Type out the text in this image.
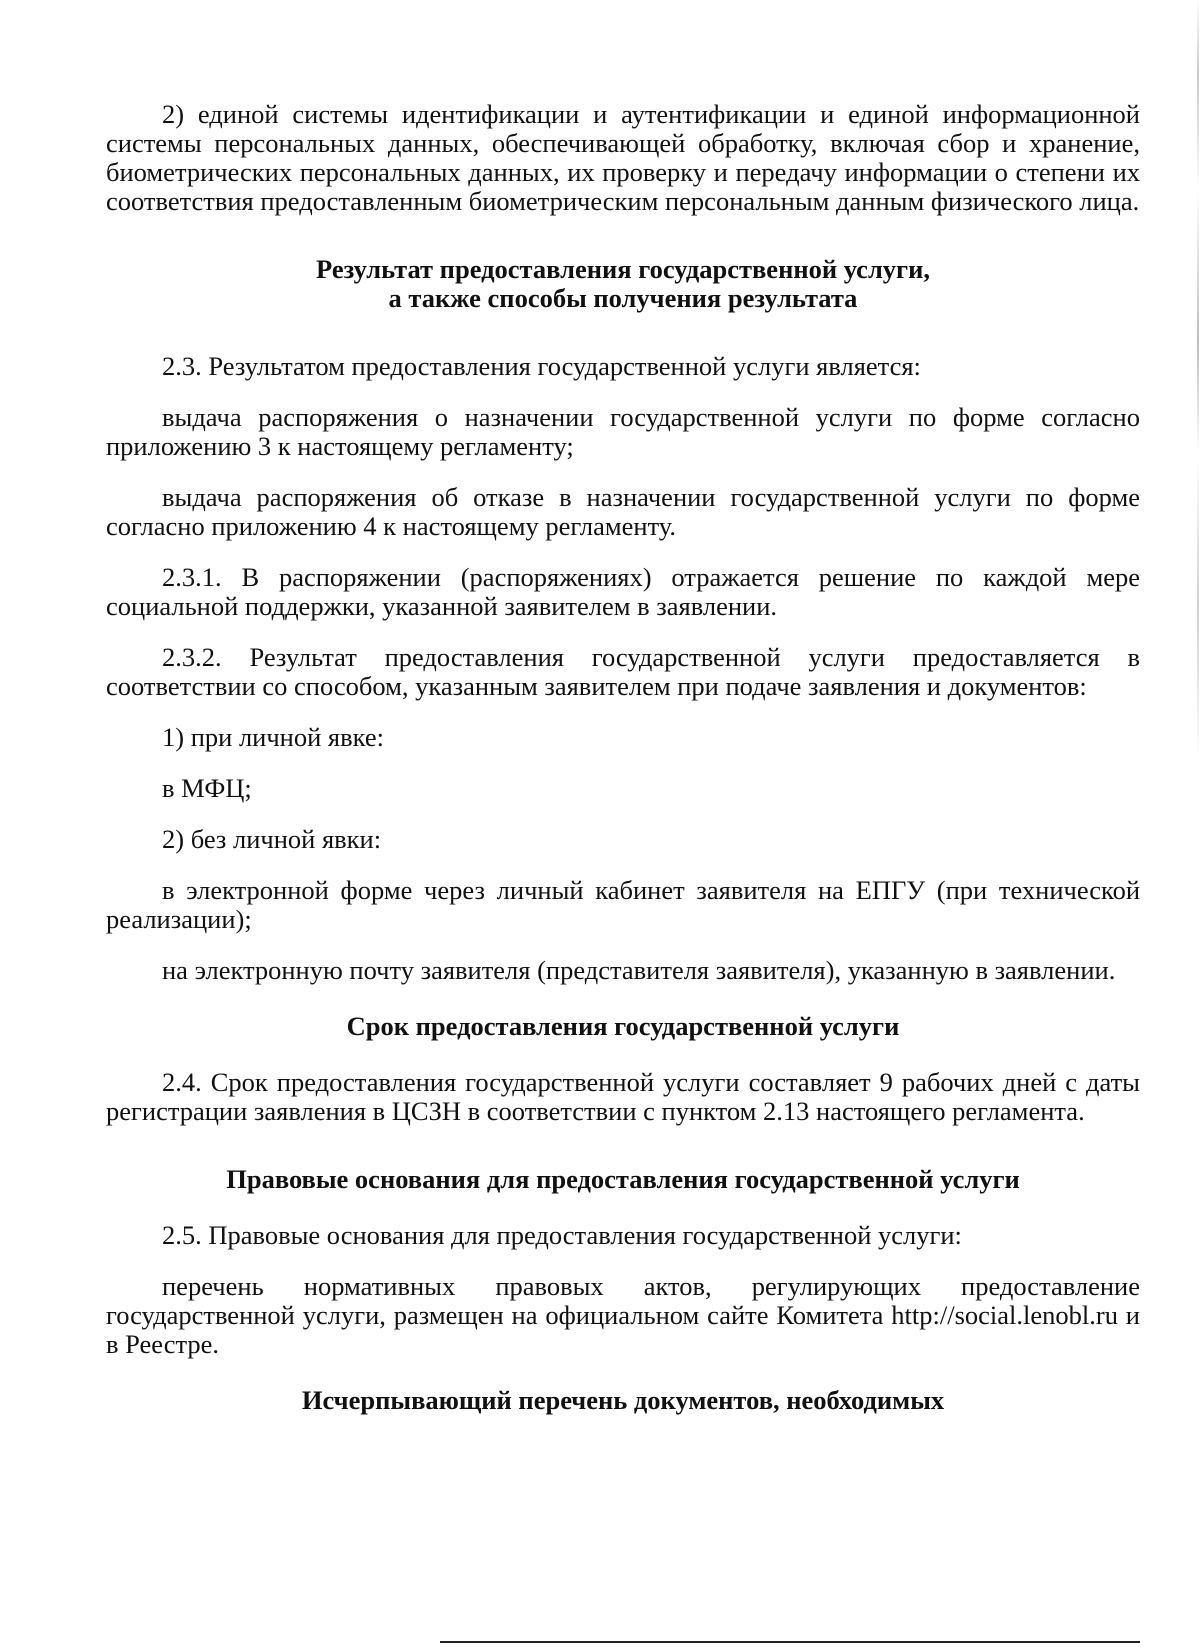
2) единой системы идентификации и аутентификации и единой информационной системы персональных данных, обеспечивающей обработку, включая сбор и хранение, биометрических персональных данных, их проверку и передачу информации о степени их соответствия предоставленным биометрическим персональным данным физического лица.

Результат предоставления государственной услуги,
а также способы получения результата

2.3. Результатом предоставления государственной услуги является:

выдача распоряжения о назначении государственной услуги по форме согласно приложению 3 к настоящему регламенту;

выдача распоряжения об отказе в назначении государственной услуги по форме согласно приложению 4 к настоящему регламенту.

2.3.1. В распоряжении (распоряжениях) отражается решение по каждой мере социальной поддержки, указанной заявителем в заявлении.

2.3.2. Результат предоставления государственной услуги предоставляется в соответствии со способом, указанным заявителем при подаче заявления и документов:

1) при личной явке:

в МФЦ;

2) без личной явки:

в электронной форме через личный кабинет заявителя на ЕПГУ (при технической реализации);

на электронную почту заявителя (представителя заявителя), указанную в заявлении.

Срок предоставления государственной услуги

2.4. Срок предоставления государственной услуги составляет 9 рабочих дней с даты регистрации заявления в ЦСЗН в соответствии с пунктом 2.13 настоящего регламента.

Правовые основания для предоставления государственной услуги

2.5. Правовые основания для предоставления государственной услуги:

перечень нормативных правовых актов, регулирующих предоставление государственной услуги, размещен на официальном сайте Комитета http://social.lenobl.ru и в Реестре.

Исчерпывающий перечень документов, необходимых
